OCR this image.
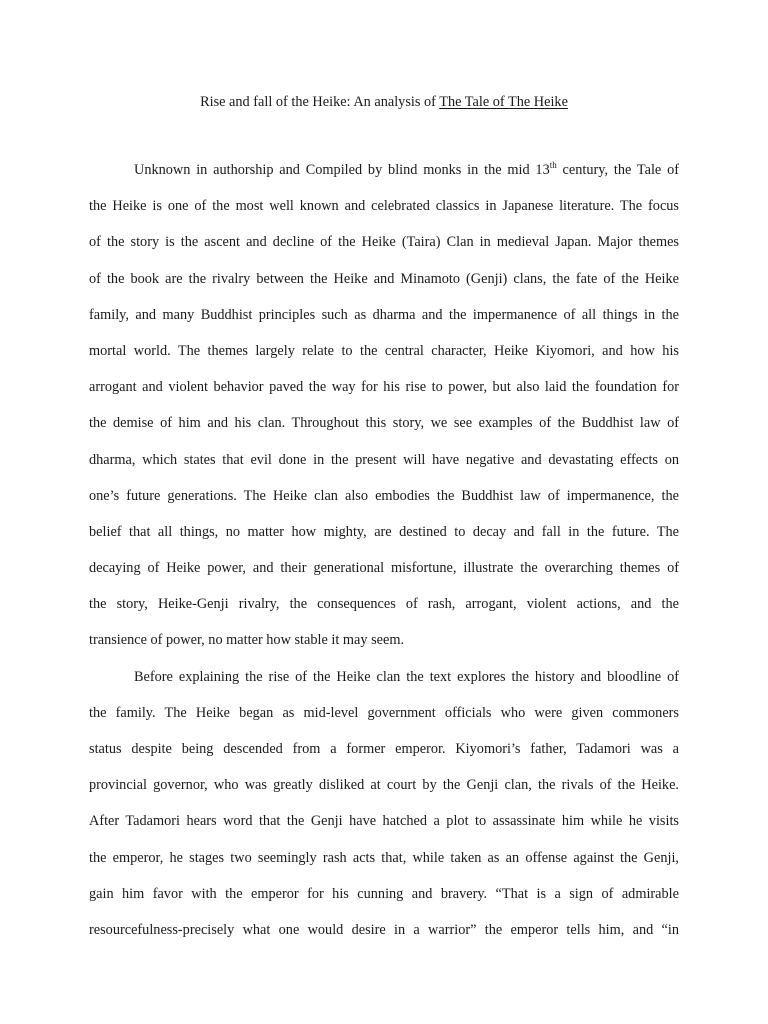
Rise and fall of the Heike: An analysis of The Tale of The Heike
Unknown in authorship and Compiled by blind monks in the mid 13th century, the Tale of
the Heike is one of the most well known and celebrated classics in Japanese literature. The focus
of the story is the ascent and decline of the Heike (Taira) Clan in medieval Japan. Major themes
of the book are the rivalry between the Heike and Minamoto (Genji) clans, the fate of the Heike
family, and many Buddhist principles such as dharma and the impermanence of all things in the
mortal world. The themes largely relate to the central character, Heike Kiyomori, and how his
arrogant and violent behavior paved the way for his rise to power, but also laid the foundation for
the demise of him and his clan. Throughout this story, we see examples of the Buddhist law of
dharma, which states that evil done in the present will have negative and devastating effects on
one’s future generations. The Heike clan also embodies the Buddhist law of impermanence, the
belief that all things, no matter how mighty, are destined to decay and fall in the future. The
decaying of Heike power, and their generational misfortune, illustrate the overarching themes of
the story, Heike-Genji rivalry, the consequences of rash, arrogant, violent actions, and the
transience of power, no matter how stable it may seem.
Before explaining the rise of the Heike clan the text explores the history and bloodline of
the family. The Heike began as mid-level government officials who were given commoners
status despite being descended from a former emperor. Kiyomori’s father, Tadamori was a
provincial governor, who was greatly disliked at court by the Genji clan, the rivals of the Heike.
After Tadamori hears word that the Genji have hatched a plot to assassinate him while he visits
the emperor, he stages two seemingly rash acts that, while taken as an offense against the Genji,
gain him favor with the emperor for his cunning and bravery. “That is a sign of admirable
resourcefulness-precisely what one would desire in a warrior” the emperor tells him, and “in
